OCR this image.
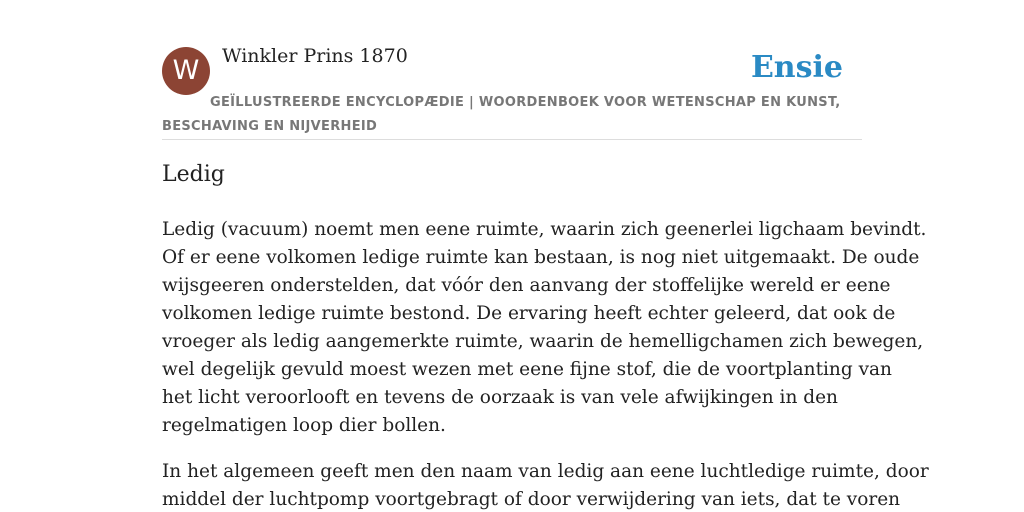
W	Winkler Prins 1870	Ensie
GEÏLLUSTREERDE ENCYCLOPÆDIE | WOORDENBOEK VOOR WETENSCHAP EN KUNST,
BESCHAVING EN NIJVERHEID
Ledig

Ledig (vacuum) noemt men eene ruimte, waarin zich geenerlei ligchaam bevindt.
Of er eene volkomen ledige ruimte kan bestaan, is nog niet uitgemaakt. De oude
wijsgeeren onderstelden, dat vóór den aanvang der stoffelijke wereld er eene
volkomen ledige ruimte bestond. De ervaring heeft echter geleerd, dat ook de
vroeger als ledig aangemerkte ruimte, waarin de hemelligchamen zich bewegen,
wel degelijk gevuld moest wezen met eene fijne stof, die de voortplanting van
het licht veroorlooft en tevens de oorzaak is van vele afwijkingen in den
regelmatigen loop dier bollen.

In het algemeen geeft men den naam van ledig aan eene luchtledige ruimte, door
middel der luchtpomp voortgebragt of door verwijdering van iets, dat te voren
